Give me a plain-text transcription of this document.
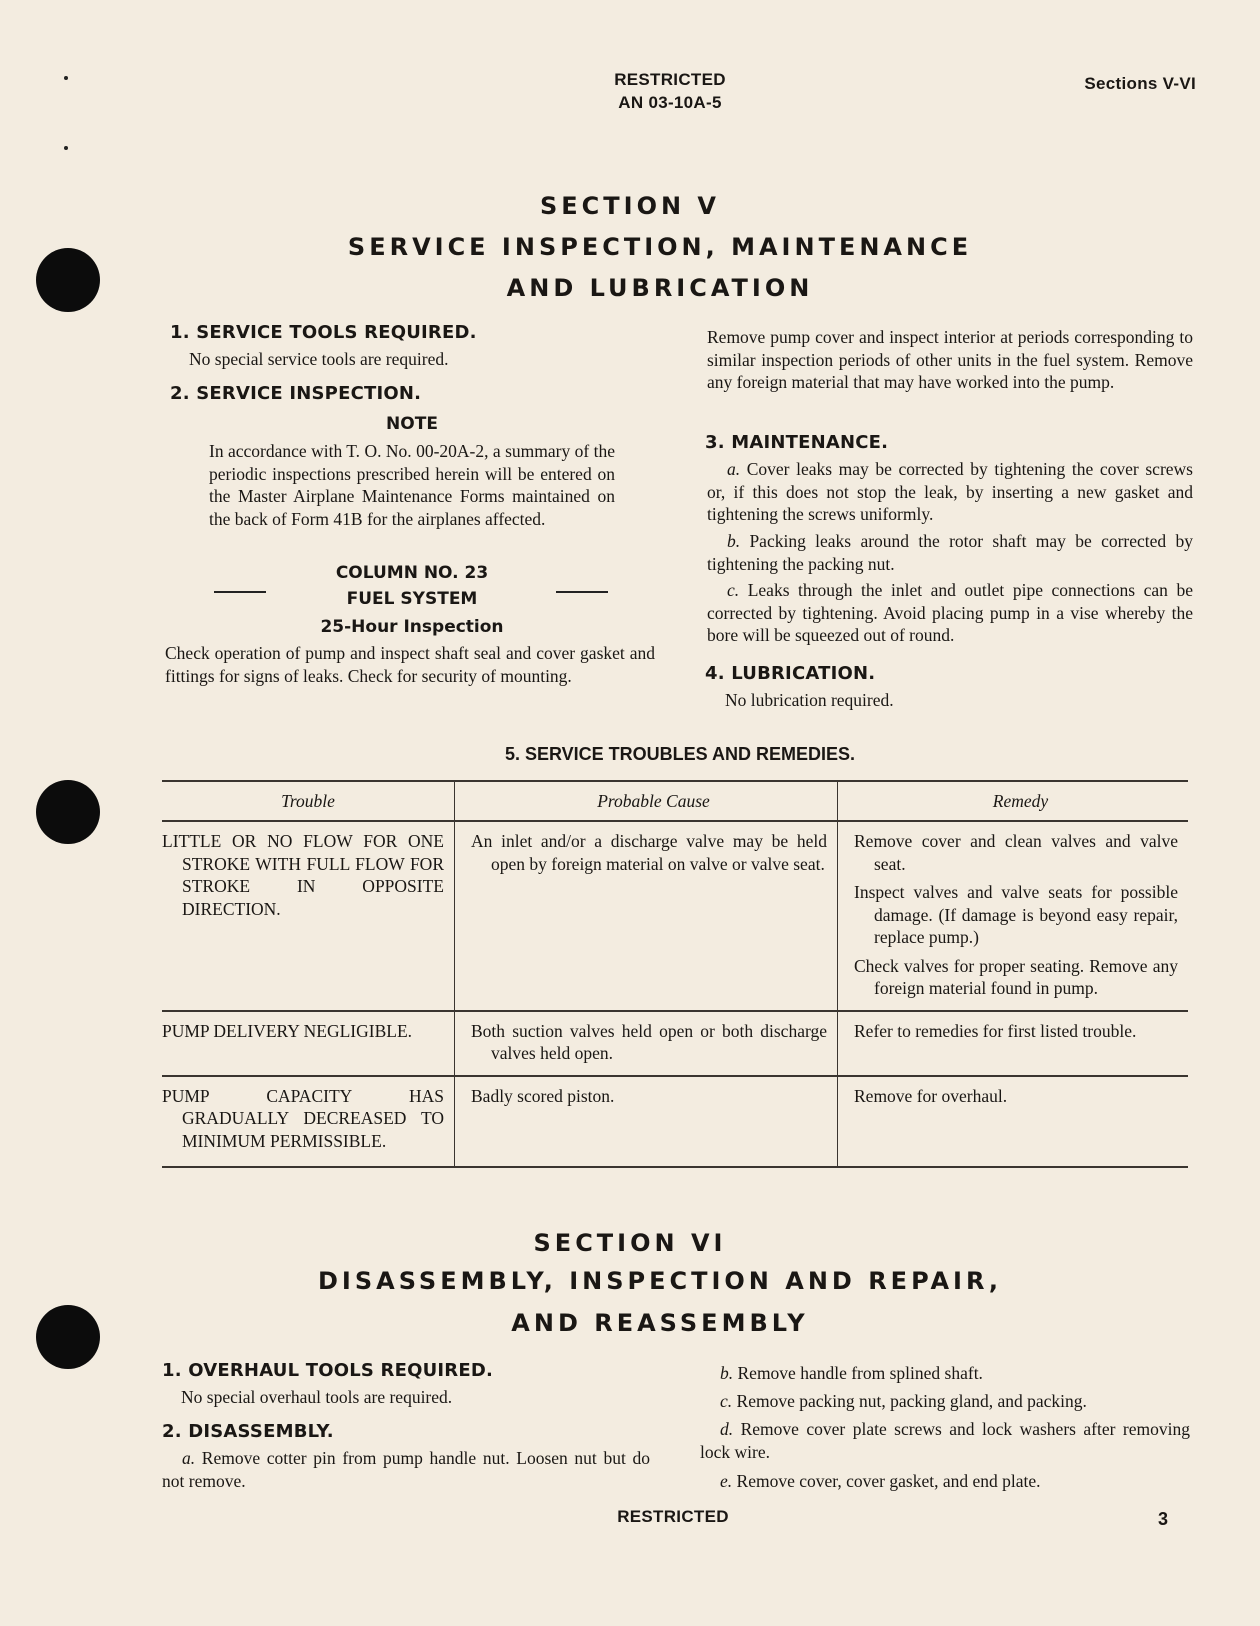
RESTRICTED
AN 03-10A-5
Sections V-VI
SECTION V
SERVICE INSPECTION, MAINTENANCE
AND LUBRICATION
1. SERVICE TOOLS REQUIRED.
No special service tools are required.
2. SERVICE INSPECTION.
NOTE
In accordance with T. O. No. 00-20A-2, a summary of the periodic inspections prescribed herein will be entered on the Master Airplane Maintenance Forms maintained on the back of Form 41B for the airplanes affected.
COLUMN NO. 23
FUEL SYSTEM
25-Hour Inspection
Check operation of pump and inspect shaft seal and cover gasket and fittings for signs of leaks. Check for security of mounting.
Remove pump cover and inspect interior at periods corresponding to similar inspection periods of other units in the fuel system. Remove any foreign material that may have worked into the pump.
3. MAINTENANCE.
a. Cover leaks may be corrected by tightening the cover screws or, if this does not stop the leak, by inserting a new gasket and tightening the screws uniformly.
b. Packing leaks around the rotor shaft may be corrected by tightening the packing nut.
c. Leaks through the inlet and outlet pipe connections can be corrected by tightening. Avoid placing pump in a vise whereby the bore will be squeezed out of round.
4. LUBRICATION.
No lubrication required.
5. SERVICE TROUBLES AND REMEDIES.
Trouble	Probable Cause	Remedy

LITTLE OR NO FLOW FOR ONE STROKE WITH FULL FLOW FOR STROKE IN OPPOSITE DIRECTION.	An inlet and/or a discharge valve may be held open by foreign material on valve or valve seat.	Remove cover and clean valves and valve seat.
Inspect valves and valve seats for possible damage. (If damage is beyond easy repair, replace pump.)
Check valves for proper seating. Remove any foreign material found in pump.

PUMP DELIVERY NEGLIGIBLE.	Both suction valves held open or both discharge valves held open.	Refer to remedies for first listed trouble.

PUMP CAPACITY HAS GRADUALLY DECREASED TO MINIMUM PERMISSIBLE.	Badly scored piston.	Remove for overhaul.
SECTION VI
DISASSEMBLY, INSPECTION AND REPAIR,
AND REASSEMBLY
1. OVERHAUL TOOLS REQUIRED.
No special overhaul tools are required.
2. DISASSEMBLY.
a. Remove cotter pin from pump handle nut. Loosen nut but do not remove.
b. Remove handle from splined shaft.
c. Remove packing nut, packing gland, and packing.
d. Remove cover plate screws and lock washers after removing lock wire.
e. Remove cover, cover gasket, and end plate.
RESTRICTED	3
